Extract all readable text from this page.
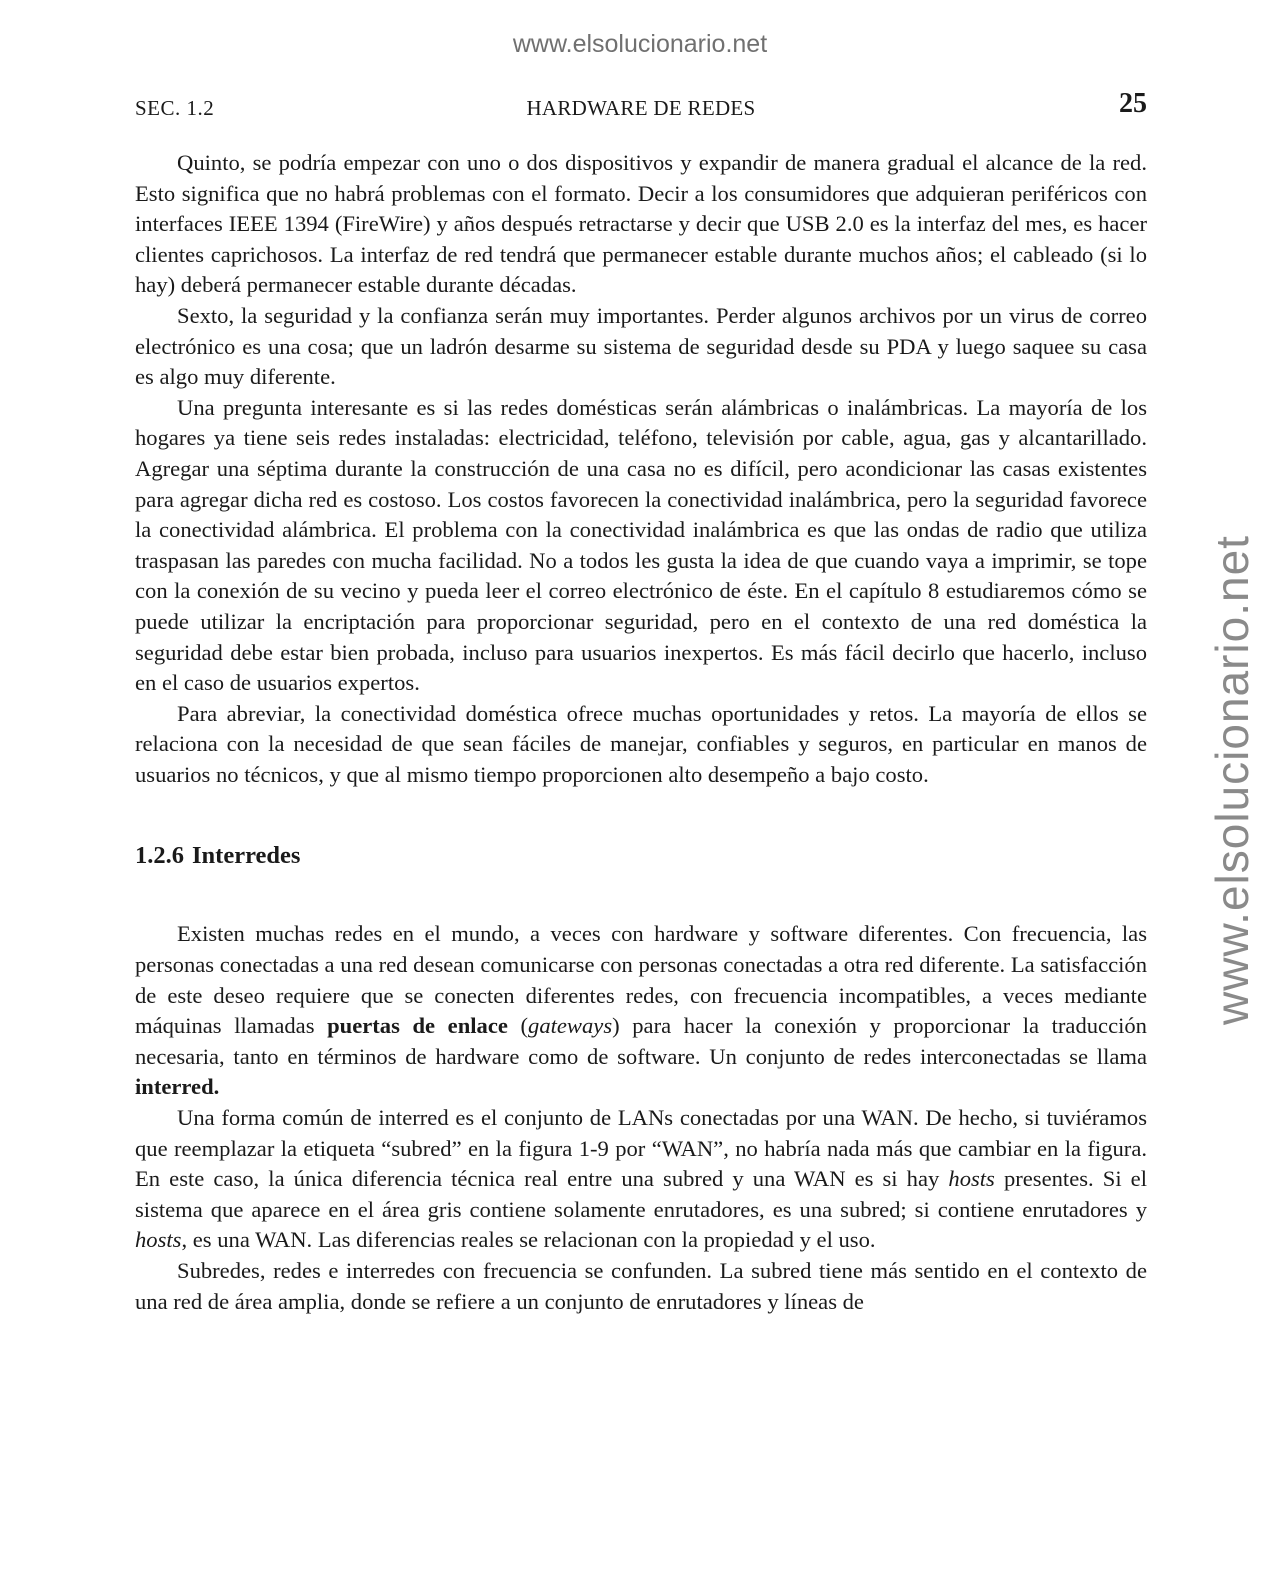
www.elsolucionario.net
www.elsolucionario.net
SEC. 1.2	HARDWARE DE REDES	25

Quinto, se podría empezar con uno o dos dispositivos y expandir de manera gradual el alcance de la red. Esto significa que no habrá problemas con el formato. Decir a los consumidores que adquieran periféricos con interfaces IEEE 1394 (FireWire) y años después retractarse y decir que USB 2.0 es la interfaz del mes, es hacer clientes caprichosos. La interfaz de red tendrá que permanecer estable durante muchos años; el cableado (si lo hay) deberá permanecer estable durante décadas.

Sexto, la seguridad y la confianza serán muy importantes. Perder algunos archivos por un virus de correo electrónico es una cosa; que un ladrón desarme su sistema de seguridad desde su PDA y luego saquee su casa es algo muy diferente.

Una pregunta interesante es si las redes domésticas serán alámbricas o inalámbricas. La mayoría de los hogares ya tiene seis redes instaladas: electricidad, teléfono, televisión por cable, agua, gas y alcantarillado. Agregar una séptima durante la construcción de una casa no es difícil, pero acondicionar las casas existentes para agregar dicha red es costoso. Los costos favorecen la conectividad inalámbrica, pero la seguridad favorece la conectividad alámbrica. El problema con la conectividad inalámbrica es que las ondas de radio que utiliza traspasan las paredes con mucha facilidad. No a todos les gusta la idea de que cuando vaya a imprimir, se tope con la conexión de su vecino y pueda leer el correo electrónico de éste. En el capítulo 8 estudiaremos cómo se puede utilizar la encriptación para proporcionar seguridad, pero en el contexto de una red doméstica la seguridad debe estar bien probada, incluso para usuarios inexpertos. Es más fácil decirlo que hacerlo, incluso en el caso de usuarios expertos.

Para abreviar, la conectividad doméstica ofrece muchas oportunidades y retos. La mayoría de ellos se relaciona con la necesidad de que sean fáciles de manejar, confiables y seguros, en particular en manos de usuarios no técnicos, y que al mismo tiempo proporcionen alto desempeño a bajo costo.

1.2.6 Interredes

Existen muchas redes en el mundo, a veces con hardware y software diferentes. Con frecuencia, las personas conectadas a una red desean comunicarse con personas conectadas a otra red diferente. La satisfacción de este deseo requiere que se conecten diferentes redes, con frecuencia incompatibles, a veces mediante máquinas llamadas puertas de enlace (gateways) para hacer la conexión y proporcionar la traducción necesaria, tanto en términos de hardware como de software. Un conjunto de redes interconectadas se llama interred.

Una forma común de interred es el conjunto de LANs conectadas por una WAN. De hecho, si tuviéramos que reemplazar la etiqueta “subred” en la figura 1-9 por “WAN”, no habría nada más que cambiar en la figura. En este caso, la única diferencia técnica real entre una subred y una WAN es si hay hosts presentes. Si el sistema que aparece en el área gris contiene solamente enrutadores, es una subred; si contiene enrutadores y hosts, es una WAN. Las diferencias reales se relacionan con la propiedad y el uso.

Subredes, redes e interredes con frecuencia se confunden. La subred tiene más sentido en el contexto de una red de área amplia, donde se refiere a un conjunto de enrutadores y líneas de
